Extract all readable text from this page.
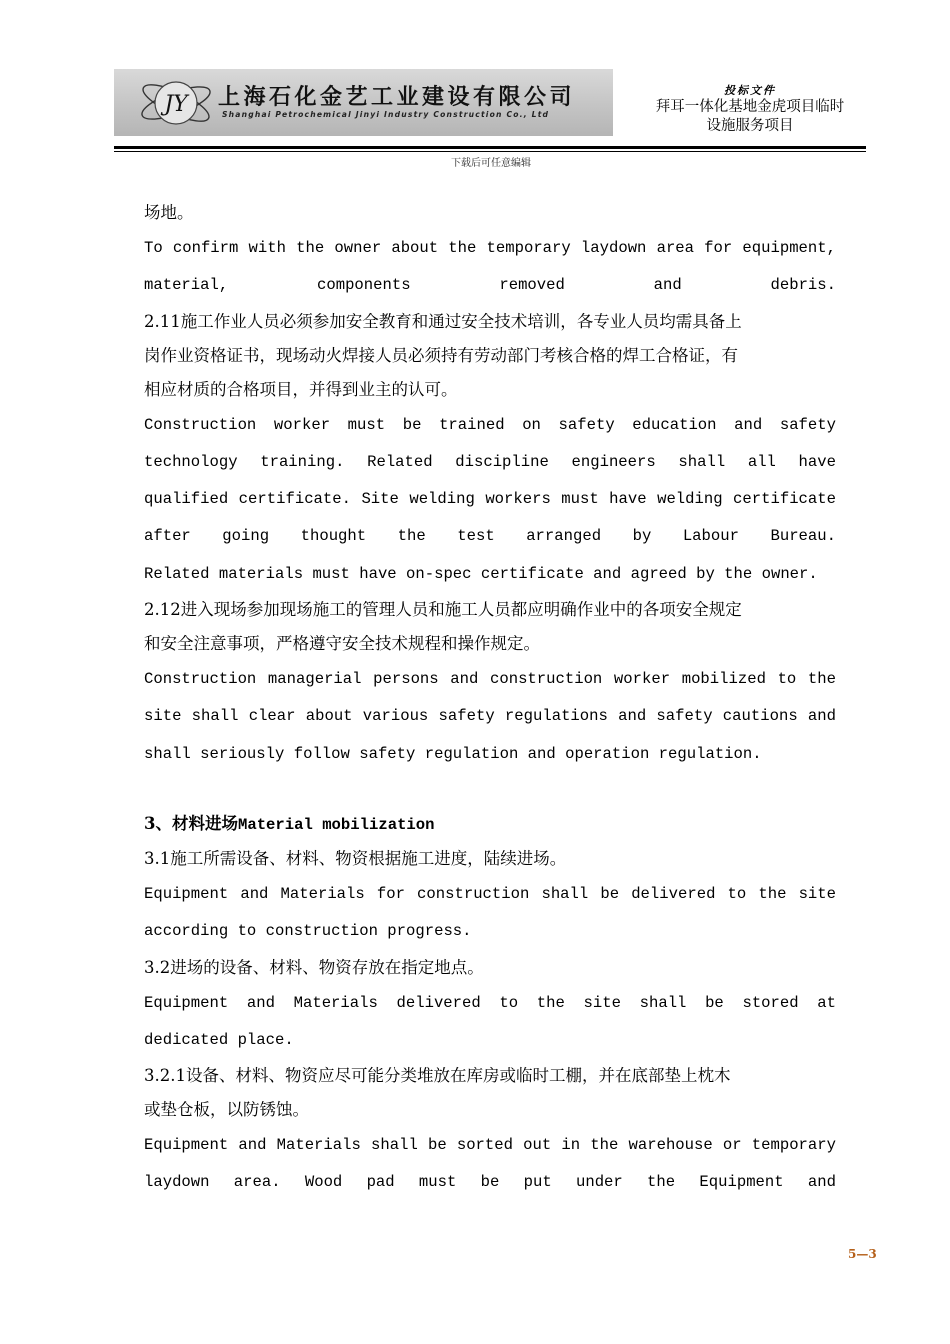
JY 上海石化金艺工业建设有限公司
Shanghai Petrochemical Jinyi Industry Construction Co., Ltd
投标文件
拜耳一体化基地金虎项目临时
设施服务项目
下载后可任意编辑

场地。

To confirm with the owner about the temporary laydown area for equipment, material, components removed and debris.

2.11施工作业人员必须参加安全教育和通过安全技术培训，各专业人员均需具备上

岗作业资格证书，现场动火焊接人员必须持有劳动部门考核合格的焊工合格证，有

相应材质的合格项目，并得到业主的认可。

Construction worker must be trained on safety education and safety technology training. Related discipline engineers shall all have qualified certificate. Site welding workers must have welding certificate after going thought the test arranged by Labour Bureau.

Related materials must have on-spec certificate and agreed by the owner.

2.12进入现场参加现场施工的管理人员和施工人员都应明确作业中的各项安全规定

和安全注意事项，严格遵守安全技术规程和操作规定。

Construction managerial persons and construction worker mobilized to the site shall clear about various safety regulations and safety cautions and shall seriously follow safety regulation and operation regulation.

3、材料进场Material mobilization

3.1施工所需设备、材料、物资根据施工进度，陆续进场。

Equipment and Materials for construction shall be delivered to the site according to construction progress.

3.2进场的设备、材料、物资存放在指定地点。

Equipment and Materials delivered to the site shall be stored at dedicated place.

3.2.1设备、材料、物资应尽可能分类堆放在库房或临时工棚，并在底部垫上枕木

或垫仓板，以防锈蚀。

Equipment and Materials shall be sorted out in the warehouse or temporary laydown area. Wood pad must be put under the Equipment and

5—3
